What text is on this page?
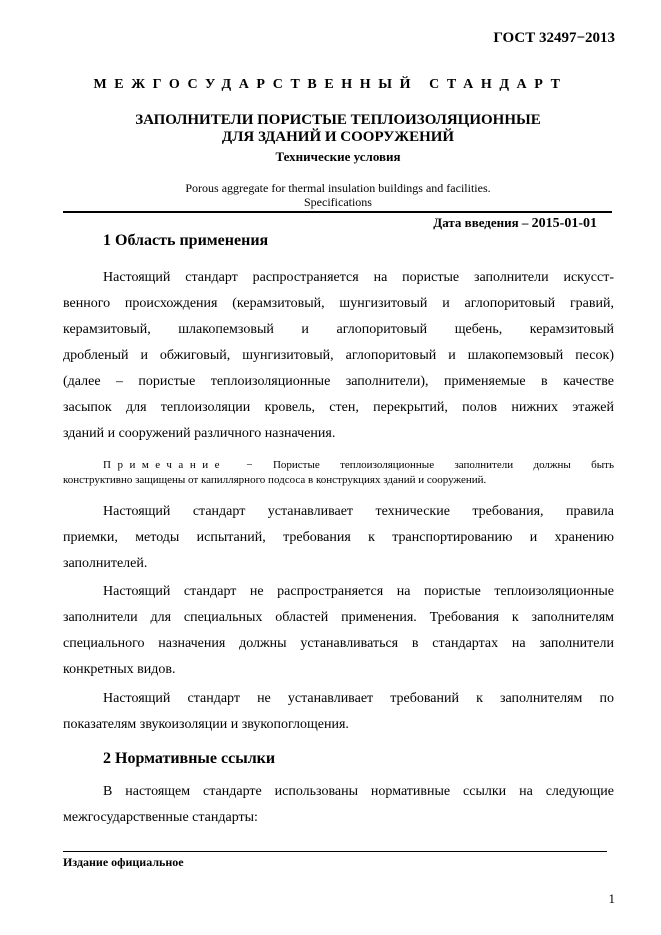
ГОСТ 32497−2013
МЕЖГОСУДАРСТВЕННЫЙ СТАНДАРТ
ЗАПОЛНИТЕЛИ ПОРИСТЫЕ ТЕПЛОИЗОЛЯЦИОННЫЕ
ДЛЯ ЗДАНИЙ И СООРУЖЕНИЙ
Технические условия
Porous aggregate for thermal insulation buildings and facilities.
Specifications
Дата введения – 2015-01-01
1 Область применения
Настоящий стандарт распространяется на пористые заполнители искусст-
венного происхождения (керамзитовый, шунгизитовый и аглопоритовый гравий,
керамзитовый, шлакопемзовый и аглопоритовый щебень, керамзитовый
дробленый и обжиговый, шунгизитовый, аглопоритовый и шлакопемзовый песок)
(далее – пористые теплоизоляционные заполнители), применяемые в качестве
засыпок для теплоизоляции кровель, стен, перекрытий, полов нижних этажей
зданий и сооружений различного назначения.
Примечание − Пористые теплоизоляционные заполнители должны быть
конструктивно защищены от капиллярного подсоса в конструкциях зданий и сооружений.
Настоящий стандарт устанавливает технические требования, правила
приемки, методы испытаний, требования к транспортированию и хранению
заполнителей.
Настоящий стандарт не распространяется на пористые теплоизоляционные
заполнители для специальных областей применения. Требования к заполнителям
специального назначения должны устанавливаться в стандартах на заполнители
конкретных видов.
Настоящий стандарт не устанавливает требований к заполнителям по
показателям звукоизоляции и звукопоглощения.
2 Нормативные ссылки
В настоящем стандарте использованы нормативные ссылки на следующие
межгосударственные стандарты:
Издание официальное
1
